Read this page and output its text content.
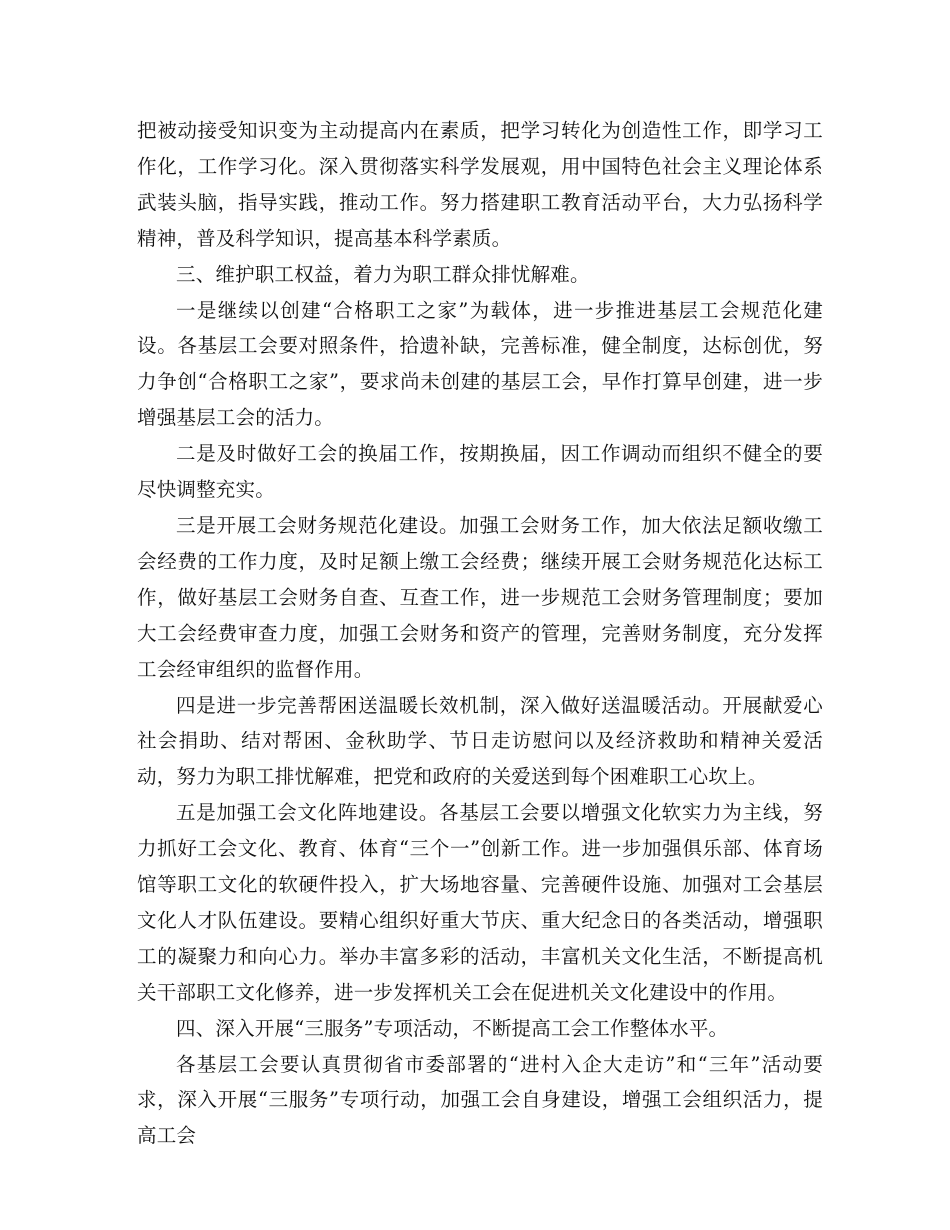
把被动接受知识变为主动提高内在素质，把学习转化为创造性工作，即学习工作化，工作学习化。深入贯彻落实科学发展观，用中国特色社会主义理论体系武装头脑，指导实践，推动工作。努力搭建职工教育活动平台，大力弘扬科学精神，普及科学知识，提高基本科学素质。

三、维护职工权益，着力为职工群众排忧解难。

一是继续以创建“合格职工之家”为载体，进一步推进基层工会规范化建设。各基层工会要对照条件，拾遗补缺，完善标准，健全制度，达标创优，努力争创“合格职工之家”，要求尚未创建的基层工会，早作打算早创建，进一步增强基层工会的活力。

二是及时做好工会的换届工作，按期换届，因工作调动而组织不健全的要尽快调整充实。

三是开展工会财务规范化建设。加强工会财务工作，加大依法足额收缴工会经费的工作力度，及时足额上缴工会经费；继续开展工会财务规范化达标工作，做好基层工会财务自查、互查工作，进一步规范工会财务管理制度；要加大工会经费审查力度，加强工会财务和资产的管理，完善财务制度，充分发挥工会经审组织的监督作用。

四是进一步完善帮困送温暖长效机制，深入做好送温暖活动。开展献爱心社会捐助、结对帮困、金秋助学、节日走访慰问以及经济救助和精神关爱活动，努力为职工排忧解难，把党和政府的关爱送到每个困难职工心坎上。

五是加强工会文化阵地建设。各基层工会要以增强文化软实力为主线，努力抓好工会文化、教育、体育“三个一”创新工作。进一步加强俱乐部、体育场馆等职工文化的软硬件投入，扩大场地容量、完善硬件设施、加强对工会基层文化人才队伍建设。要精心组织好重大节庆、重大纪念日的各类活动，增强职工的凝聚力和向心力。举办丰富多彩的活动，丰富机关文化生活，不断提高机关干部职工文化修养，进一步发挥机关工会在促进机关文化建设中的作用。

四、深入开展“三服务”专项活动，不断提高工会工作整体水平。

各基层工会要认真贯彻省市委部署的“进村入企大走访”和“三年”活动要求，深入开展“三服务”专项行动，加强工会自身建设，增强工会组织活力，提高工会
